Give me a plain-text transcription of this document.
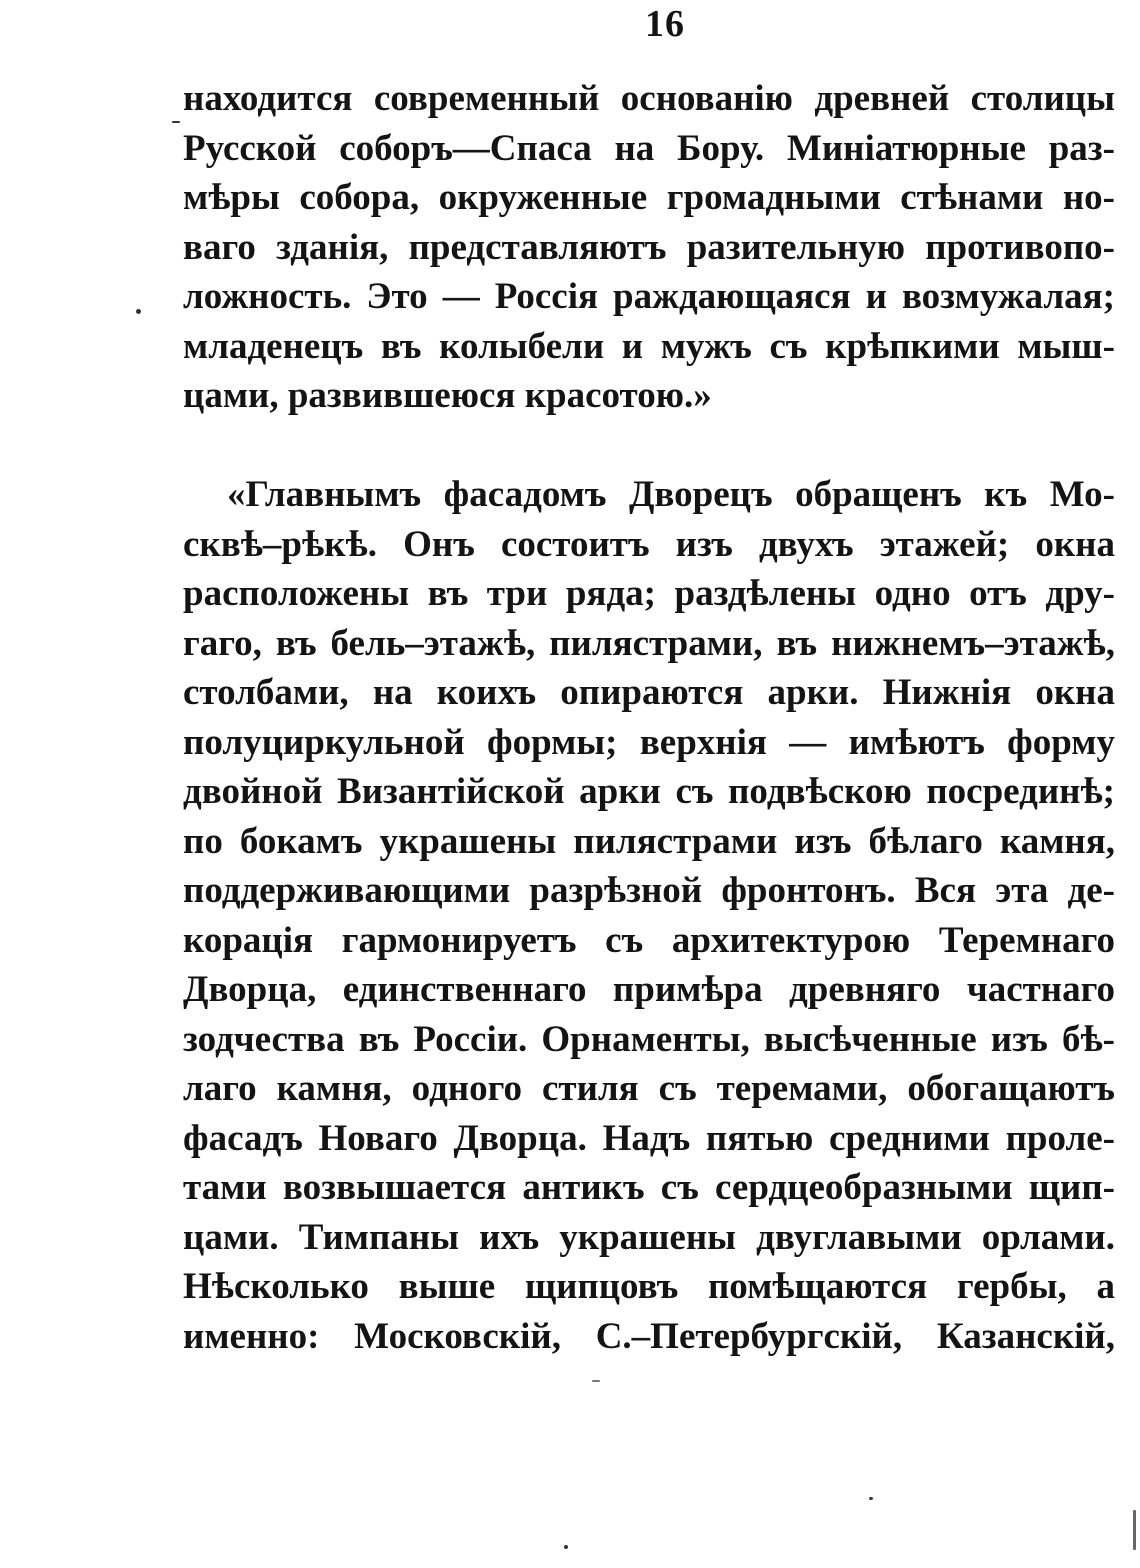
16
находится современный основанію древней столицы
Русской соборъ—Спаса на Бору. Миніатюрные раз-
мѣры собора, окруженные громадными стѣнами но-
ваго зданія, представляютъ разительную противопо-
ложность. Это — Россія раждающаяся и возмужалая;
младенецъ въ колыбели и мужъ съ крѣпкими мыш-
цами, развившеюся красотою.»
«Главнымъ фасадомъ Дворецъ обращенъ къ Мо-
сквѣ–рѣкѣ. Онъ состоитъ изъ двухъ этажей; окна
расположены въ три ряда; раздѣлены одно отъ дру-
гаго, въ бель–этажѣ, пилястрами, въ нижнемъ–этажѣ,
столбами, на коихъ опираются арки. Нижнія окна
полуциркульной формы; верхнія — имѣютъ форму
двойной Византійской арки съ подвѣскою посрединѣ;
по бокамъ украшены пилястрами изъ бѣлаго камня,
поддерживающими разрѣзной фронтонъ. Вся эта де-
корація гармонируетъ съ архитектурою Теремнаго
Дворца, единственнаго примѣра древняго частнаго
зодчества въ Россіи. Орнаменты, высѣченные изъ бѣ-
лаго камня, одного стиля съ теремами, обогащаютъ
фасадъ Новаго Дворца. Надъ пятью средними проле-
тами возвышается антикъ съ сердцеобразными щип-
цами. Тимпаны ихъ украшены двуглавыми орлами.
Нѣсколько выше щипцовъ помѣщаются гербы, а
именно: Московскій, С.–Петербургскій, Казанскій,
